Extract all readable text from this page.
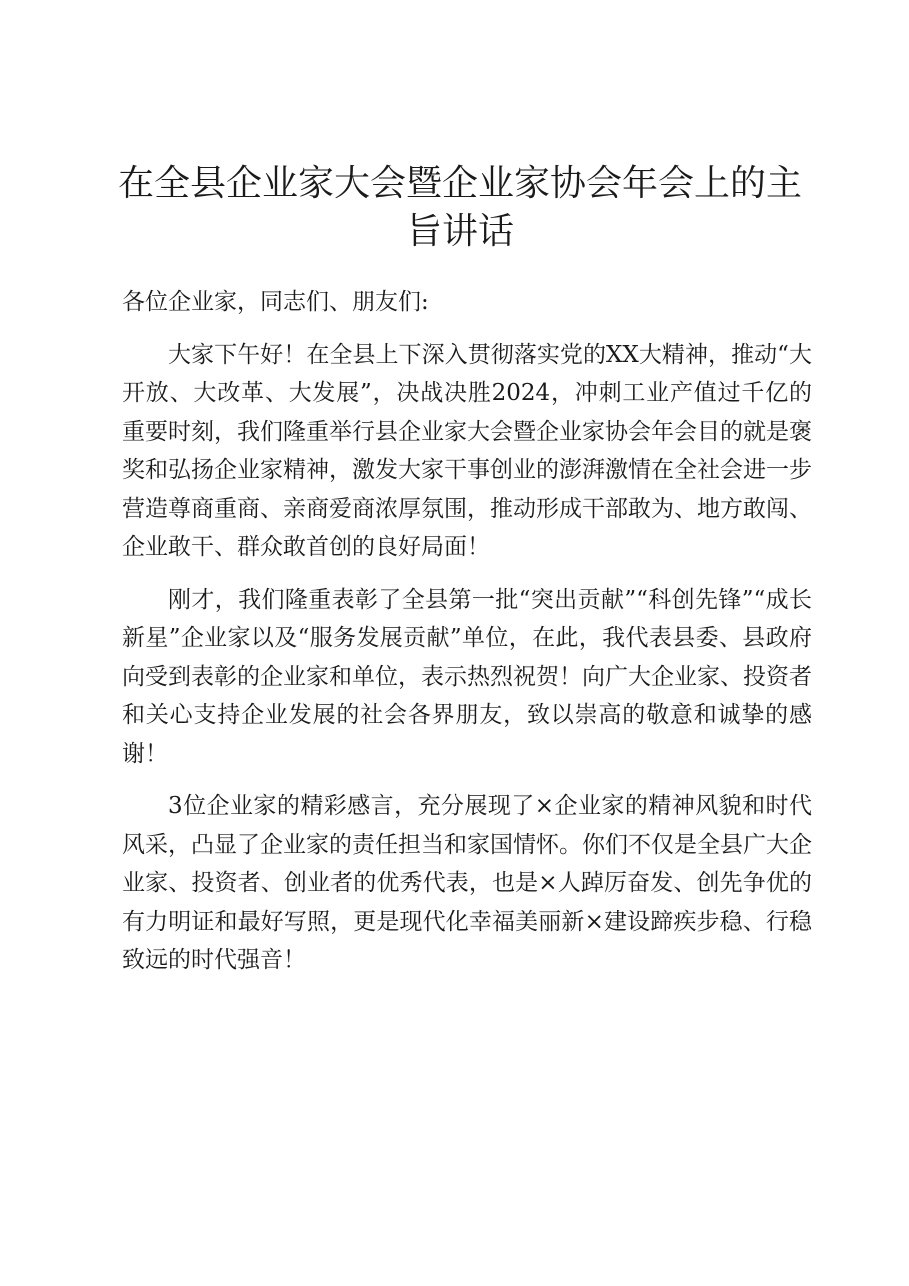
在全县企业家大会暨企业家协会年会上的主旨讲话

各位企业家，同志们、朋友们:

大家下午好！在全县上下深入贯彻落实党的XX大精神，推动“大开放、大改革、大发展”，决战决胜2024，冲刺工业产值过千亿的重要时刻，我们隆重举行县企业家大会暨企业家协会年会目的就是褒奖和弘扬企业家精神，激发大家干事创业的澎湃激情在全社会进一步营造尊商重商、亲商爱商浓厚氛围，推动形成干部敢为、地方敢闯、企业敢干、群众敢首创的良好局面！

刚才，我们隆重表彰了全县第一批“突出贡献”“科创先锋”“成长新星”企业家以及“服务发展贡献”单位，在此，我代表县委、县政府向受到表彰的企业家和单位，表示热烈祝贺！向广大企业家、投资者和关心支持企业发展的社会各界朋友，致以崇高的敬意和诚挚的感谢！

3位企业家的精彩感言，充分展现了×企业家的精神风貌和时代风采，凸显了企业家的责任担当和家国情怀。你们不仅是全县广大企业家、投资者、创业者的优秀代表，也是×人踔厉奋发、创先争优的有力明证和最好写照，更是现代化幸福美丽新×建设蹄疾步稳、行稳致远的时代强音！
